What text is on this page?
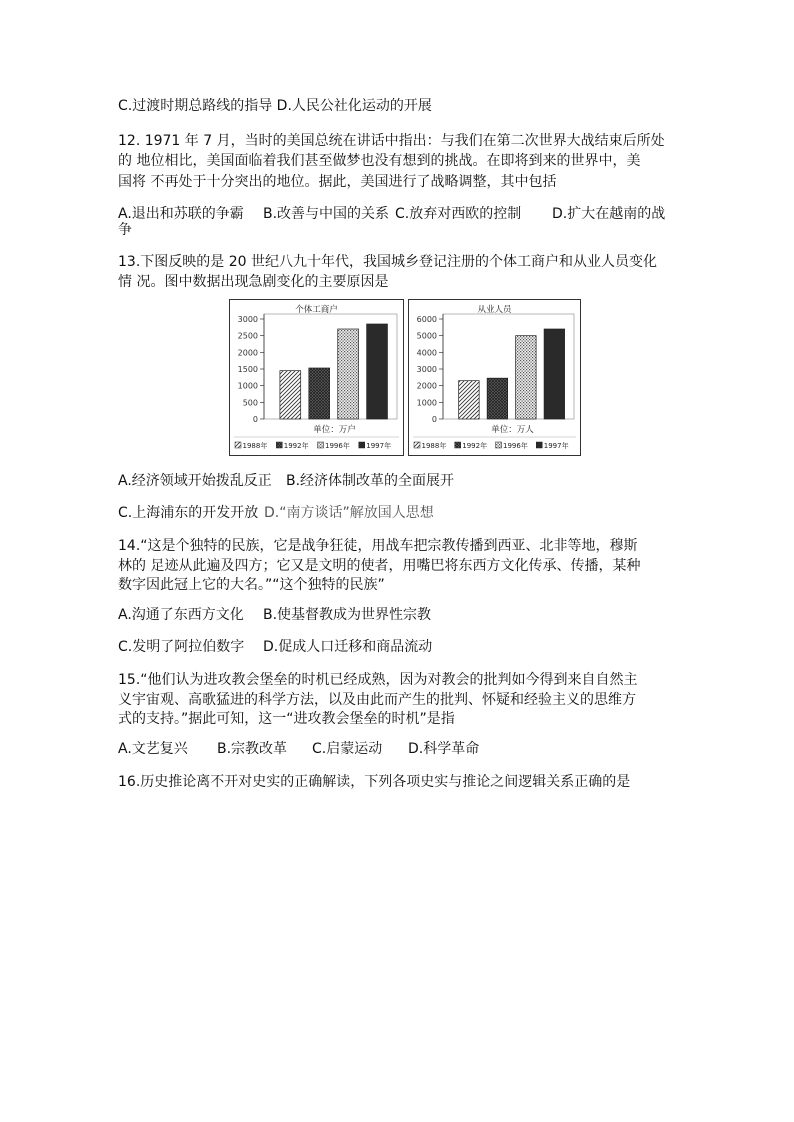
C.过渡时期总路线的指导 D.人民公社化运动的开展
12. 1971 年 7 月，当时的美国总统在讲话中指出：与我们在第二次世界大战结束后所处
的 地位相比，美国面临着我们甚至做梦也没有想到的挑战。在即将到来的世界中，美
国将 不再处于十分突出的地位。据此，美国进行了战略调整，其中包括
A.退出和苏联的争霸 B.改善与中国的关系 C.放弃对西欧的控制 D.扩大在越南的战
争
13.下图反映的是 20 世纪八九十年代，我国城乡登记注册的个体工商户和从业人员变化
情 况。图中数据出现急剧变化的主要原因是
个体工商户
0
500
1000
1500
2000
2500
3000
单位：万户
1988年 1992年 1996年 1997年
从业人员
0
1000
2000
3000
4000
5000
6000
单位：万人
1988年 1992年 1996年 1997年
A.经济领域开始拨乱反正 B.经济体制改革的全面展开
C.上海浦东的开发开放 D.“南方谈话”解放国人思想
14.“这是个独特的民族，它是战争狂徒，用战车把宗教传播到西亚、北非等地，穆斯
林的 足迹从此遍及四方；它又是文明的使者，用嘴巴将东西方文化传承、传播，某种
数字因此冠上它的大名。”“这个独特的民族”
A.沟通了东西方文化 B.使基督教成为世界性宗教
C.发明了阿拉伯数字 D.促成人口迁移和商品流动
15.“他们认为进攻教会堡垒的时机已经成熟，因为对教会的批判如今得到来自自然主
义宇宙观、高歌猛进的科学方法，以及由此而产生的批判、怀疑和经验主义的思维方
式的支持。”据此可知，这一“进攻教会堡垒的时机”是指
A.文艺复兴 B.宗教改革 C.启蒙运动 D.科学革命
16.历史推论离不开对史实的正确解读，下列各项史实与推论之间逻辑关系正确的是
